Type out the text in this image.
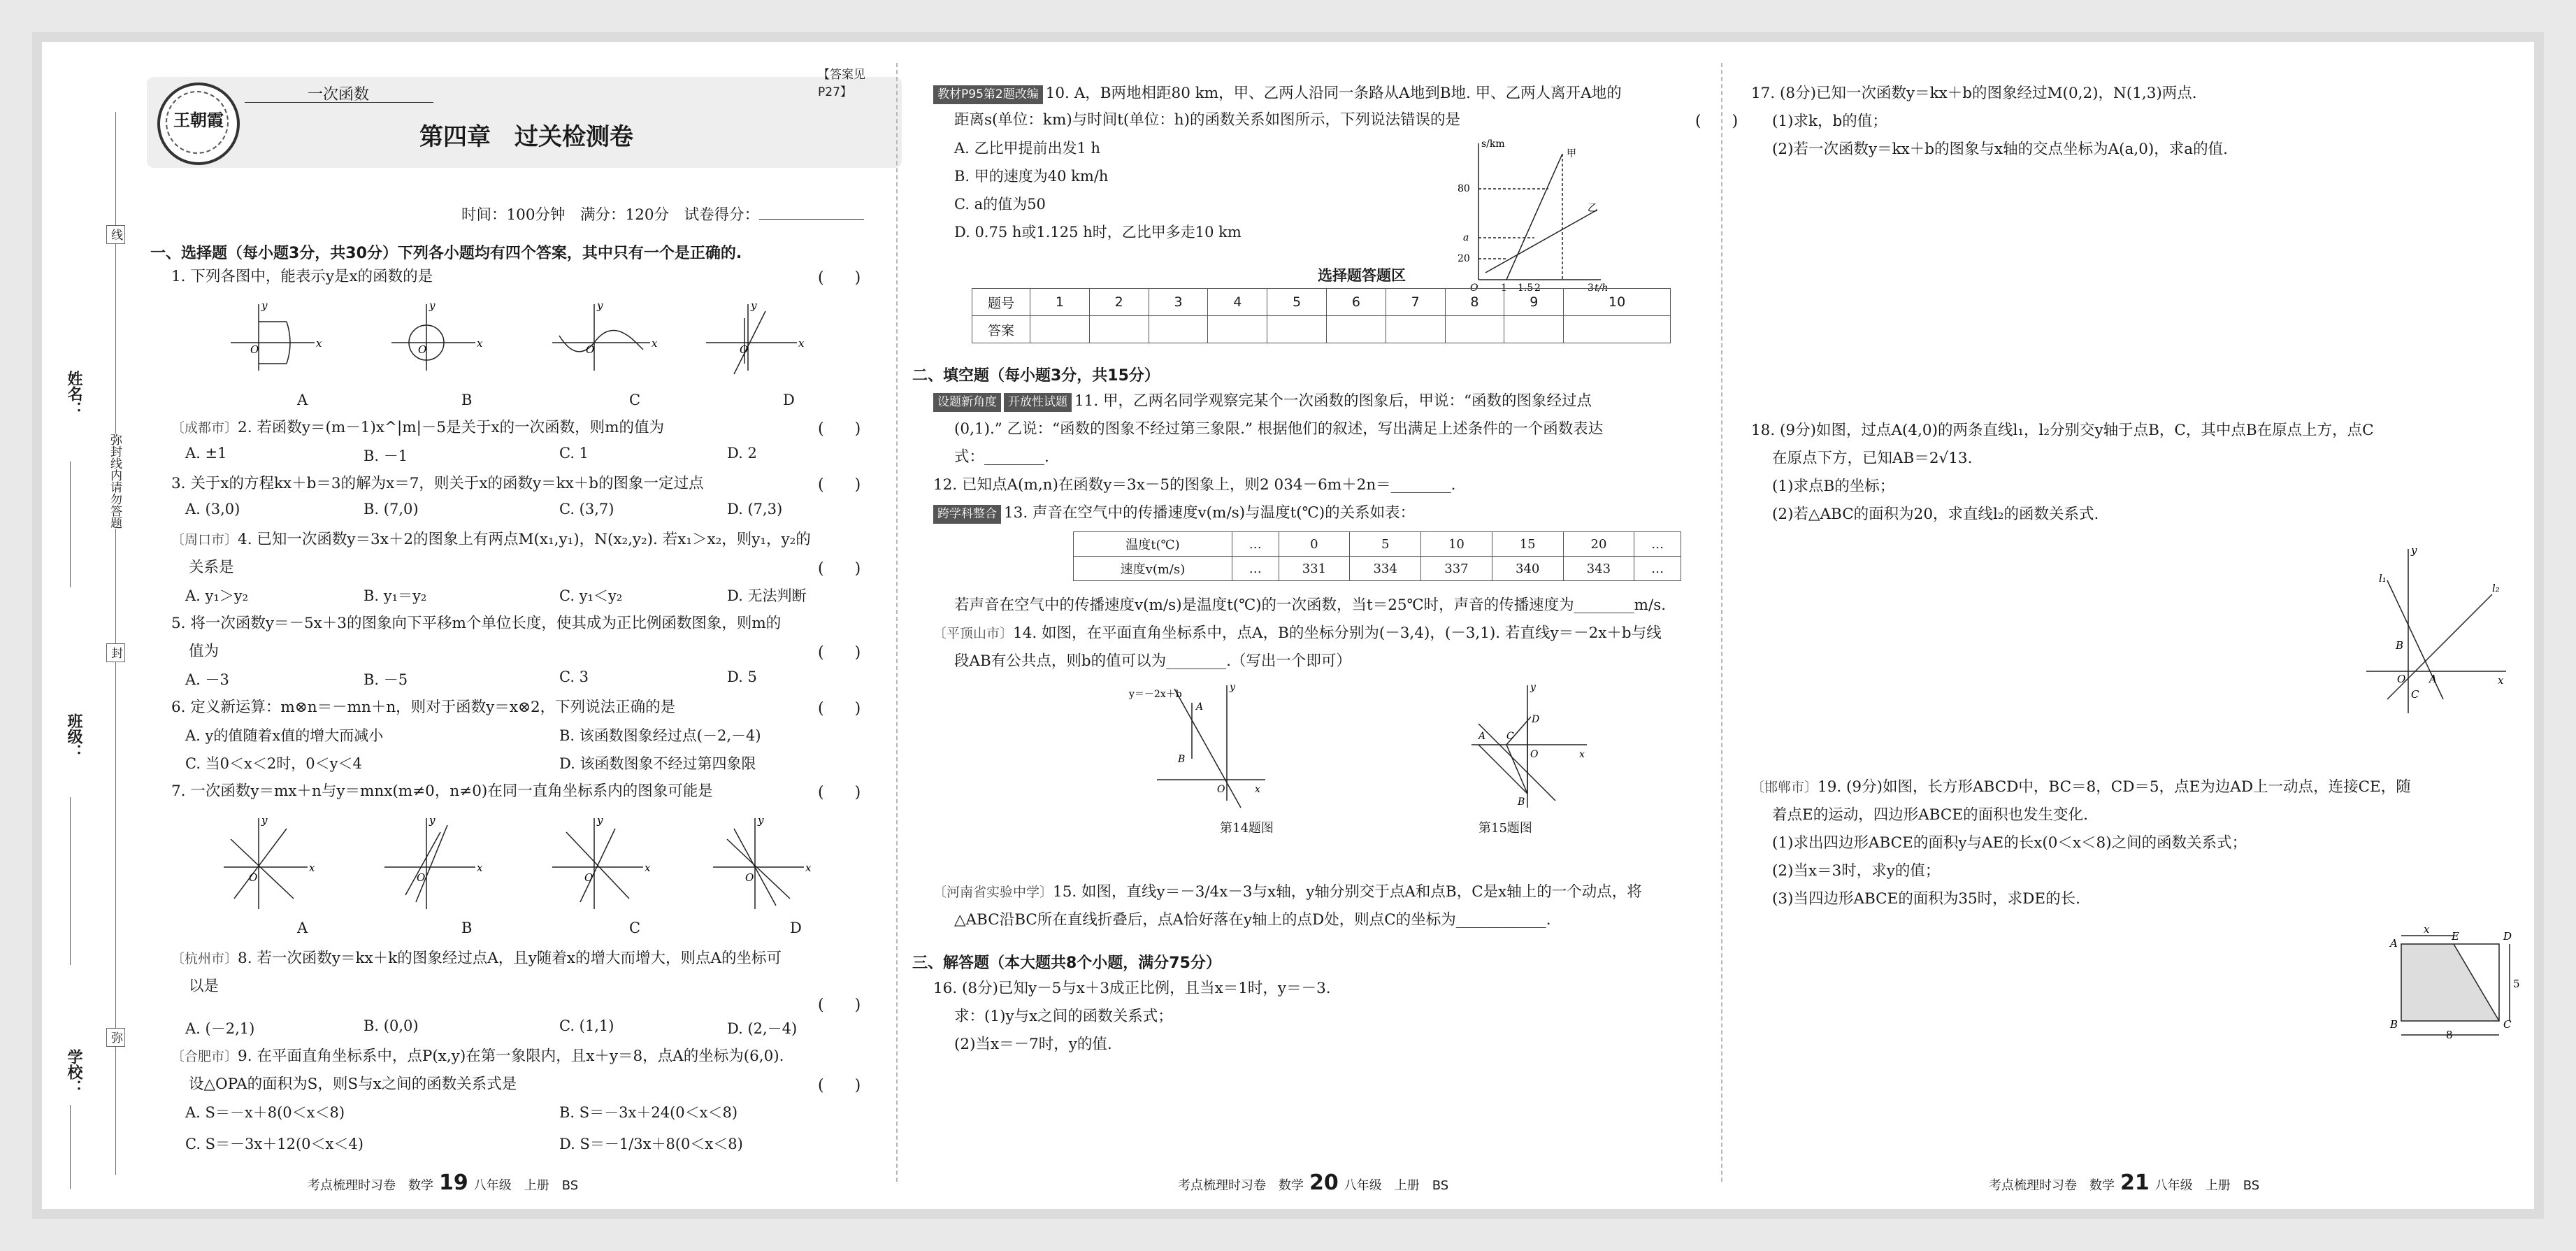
姓名：
班级：
学校：
线
封
弥
弥封线内请勿答题
王朝霞
一次函数
第四章　过关检测卷
【答案见P27】
时间：100分钟　满分：120分　试卷得分：
一、选择题（每小题3分，共30分）下列各小题均有四个答案，其中只有一个是正确的.
1. 下列各图中，能表示y是x的函数的是	(　　)
y
x
O
y
x
O
y
x
O
y
x
O
A	B	C	D
〔成都市〕2. 若函数y＝(m－1)x^|m|－5是关于x的一次函数，则m的值为	(　　)
A. ±1	B. －1	C. 1	D. 2
3. 关于x的方程kx＋b＝3的解为x＝7，则关于x的函数y＝kx＋b的图象一定过点	(　　)
A. (3,0)	B. (7,0)	C. (3,7)	D. (7,3)
〔周口市〕4. 已知一次函数y＝3x＋2的图象上有两点M(x₁,y₁)，N(x₂,y₂). 若x₁＞x₂，则y₁，y₂的
关系是	(　　)
A. y₁＞y₂	B. y₁＝y₂	C. y₁＜y₂	D. 无法判断
5. 将一次函数y＝－5x＋3的图象向下平移m个单位长度，使其成为正比例函数图象，则m的
值为	(　　)
A. －3	B. －5	C. 3	D. 5
6. 定义新运算：m⊗n＝－mn＋n，则对于函数y＝x⊗2，下列说法正确的是	(　　)
A. y的值随着x值的增大而减小	B. 该函数图象经过点(－2,－4)
C. 当0＜x＜2时，0＜y＜4	D. 该函数图象不经过第四象限
7. 一次函数y＝mx＋n与y＝mnx(m≠0，n≠0)在同一直角坐标系内的图象可能是	(　　)
y
x
O
y
x
O
y
x
O
y
x
O
A	B	C	D
〔杭州市〕8. 若一次函数y＝kx＋k的图象经过点A，且y随着x的增大而增大，则点A的坐标可
以是
(　　)
A. (－2,1)	B. (0,0)	C. (1,1)	D. (2,－4)
〔合肥市〕9. 在平面直角坐标系中，点P(x,y)在第一象限内，且x＋y＝8，点A的坐标为(6,0).
设△OPA的面积为S，则S与x之间的函数关系式是	(　　)
A. S＝－x＋8(0＜x＜8)	B. S＝－3x＋24(0＜x＜8)
C. S＝－3x＋12(0＜x＜4)	D. S＝－1/3x＋8(0＜x＜8)
考点梳理时习卷　数学 19 八年级　上册　BS
教材P95第2题改编 10. A，B两地相距80 km，甲、乙两人沿同一条路从A地到B地. 甲、乙两人离开A地的
距离s(单位：km)与时间t(单位：h)的函数关系如图所示，下列说法错误的是	(　　)
A. 乙比甲提前出发1 h
B. 甲的速度为40 km/h
C. a的值为50
D. 0.75 h或1.125 h时，乙比甲多走10 km
s/km
80
a
20
O 1 1.5 2	3 t/h
甲
乙
选择题答题区
题号	1	2	3	4	5	6	7	8	9	10
答案										
二、填空题（每小题3分，共15分）
设题新角度 开放性试题 11. 甲，乙两名同学观察完某个一次函数的图象后，甲说：“函数的图象经过点
(0,1).” 乙说：“函数的图象不经过第三象限.” 根据他们的叙述，写出满足上述条件的一个函数表达
式：________.
12. 已知点A(m,n)在函数y＝3x－5的图象上，则2 034－6m＋2n＝________.
跨学科整合 13. 声音在空气中的传播速度v(m/s)与温度t(℃)的关系如表：
温度t(℃)	…	0	5	10	15	20	…
速度v(m/s)	…	331	334	337	340	343	…
若声音在空气中的传播速度v(m/s)是温度t(℃)的一次函数，当t＝25℃时，声音的传播速度为________m/s.
〔平顶山市〕14. 如图，在平面直角坐标系中，点A，B的坐标分别为(－3,4)，(－3,1). 若直线y＝－2x＋b与线
段AB有公共点，则b的值可以为________.（写出一个即可）
y
x
O
A
B
y＝－2x＋b
第14题图
y
x
O
A C
D
B
第15题图
〔河南省实验中学〕15. 如图，直线y＝－3/4x－3与x轴，y轴分别交于点A和点B，C是x轴上的一个动点，将
△ABC沿BC所在直线折叠后，点A恰好落在y轴上的点D处，则点C的坐标为____________.
三、解答题（本大题共8个小题，满分75分）
16. (8分)已知y－5与x＋3成正比例，且当x＝1时，y＝－3.
求：(1)y与x之间的函数关系式；
(2)当x＝－7时，y的值.
考点梳理时习卷　数学 20 八年级　上册　BS
17. (8分)已知一次函数y＝kx＋b的图象经过M(0,2)，N(1,3)两点.
(1)求k，b的值；
(2)若一次函数y＝kx＋b的图象与x轴的交点坐标为A(a,0)，求a的值.
18. (9分)如图，过点A(4,0)的两条直线l₁，l₂分别交y轴于点B，C，其中点B在原点上方，点C
在原点下方，已知AB＝2√13.
(1)求点B的坐标；
(2)若△ABC的面积为20，求直线l₂的函数关系式.
y
x
O
l₁
l₂
B
A
C
〔邯郸市〕19. (9分)如图，长方形ABCD中，BC＝8，CD＝5，点E为边AD上一动点，连接CE，随
着点E的运动，四边形ABCE的面积也发生变化.
(1)求出四边形ABCE的面积y与AE的长x(0＜x＜8)之间的函数关系式；
(2)当x＝3时，求y的值；
(3)当四边形ABCE的面积为35时，求DE的长.
A
E	D
B	C
x
8
5
考点梳理时习卷　数学 21 八年级　上册　BS
